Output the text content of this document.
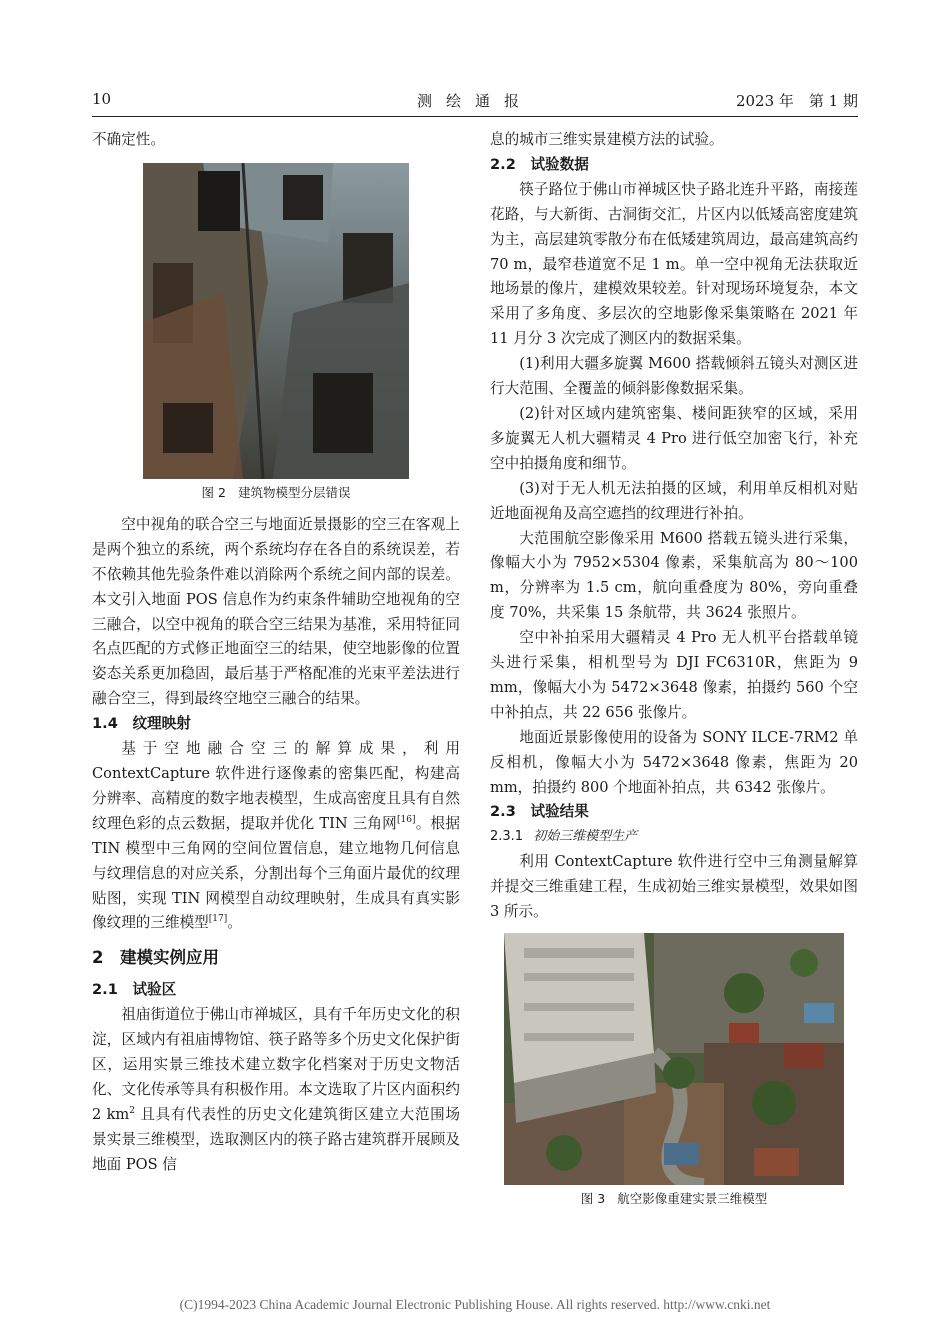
10	测绘通报	2023 年　第 1 期

不确定性。

图 2 建筑物模型分层错误

空中视角的联合空三与地面近景摄影的空三在客观上是两个独立的系统，两个系统均存在各自的系统误差，若不依赖其他先验条件难以消除两个系统之间内部的误差。本文引入地面 POS 信息作为约束条件辅助空地视角的空三融合，以空中视角的联合空三结果为基准，采用特征同名点匹配的方式修正地面空三的结果，使空地影像的位置姿态关系更加稳固，最后基于严格配准的光束平差法进行融合空三，得到最终空地空三融合的结果。

1.4　纹理映射

基于空地融合空三的解算成果，利用 ContextCapture 软件进行逐像素的密集匹配，构建高分辨率、高精度的数字地表模型，生成高密度且具有自然纹理色彩的点云数据，提取并优化 TIN 三角网[16]。根据 TIN 模型中三角网的空间位置信息，建立地物几何信息与纹理信息的对应关系，分割出每个三角面片最优的纹理贴图，实现 TIN 网模型自动纹理映射，生成具有真实影像纹理的三维模型[17]。

2　建模实例应用
2.1　试验区

祖庙街道位于佛山市禅城区，具有千年历史文化的积淀，区域内有祖庙博物馆、筷子路等多个历史文化保护街区，运用实景三维技术建立数字化档案对于历史文物活化、文化传承等具有积极作用。本文选取了片区内面积约 2 $km^2$ 且具有代表性的历史文化建筑街区建立大范围场景实景三维模型，选取测区内的筷子路古建筑群开展顾及地面 POS 信

息的城市三维实景建模方法的试验。

2.2　试验数据

筷子路位于佛山市禅城区快子路北连升平路，南接莲花路，与大新街、古洞街交汇，片区内以低矮高密度建筑为主，高层建筑零散分布在低矮建筑周边，最高建筑高约 70 m，最窄巷道宽不足 1 m。单一空中视角无法获取近地场景的像片，建模效果较差。针对现场环境复杂，本文采用了多角度、多层次的空地影像采集策略在 2021 年 11 月分 3 次完成了测区内的数据采集。

(1)利用大疆多旋翼 M600 搭载倾斜五镜头对测区进行大范围、全覆盖的倾斜影像数据采集。

(2)针对区域内建筑密集、楼间距狭窄的区域，采用多旋翼无人机大疆精灵 4 Pro 进行低空加密飞行，补充空中拍摄角度和细节。

(3)对于无人机无法拍摄的区域，利用单反相机对贴近地面视角及高空遮挡的纹理进行补拍。

大范围航空影像采用 M600 搭载五镜头进行采集，像幅大小为 7952×5304 像素，采集航高为 80～100 m，分辨率为 1.5 cm，航向重叠度为 80%，旁向重叠度 70%，共采集 15 条航带，共 3624 张照片。

空中补拍采用大疆精灵 4 Pro 无人机平台搭载单镜头进行采集，相机型号为 DJI FC6310R，焦距为 9 mm，像幅大小为 5472×3648 像素，拍摄约 560 个空中补拍点，共 22 656 张像片。

地面近景影像使用的设备为 SONY ILCE-7RM2 单反相机，像幅大小为 5472×3648 像素，焦距为 20 mm，拍摄约 800 个地面补拍点，共 6342 张像片。

2.3　试验结果
2.3.1 初始三维模型生产

利用 ContextCapture 软件进行空中三角测量解算并提交三维重建工程，生成初始三维实景模型，效果如图 3 所示。

图 3 航空影像重建实景三维模型
(C)1994-2023 China Academic Journal Electronic Publishing House. All rights reserved. http://www.cnki.net
